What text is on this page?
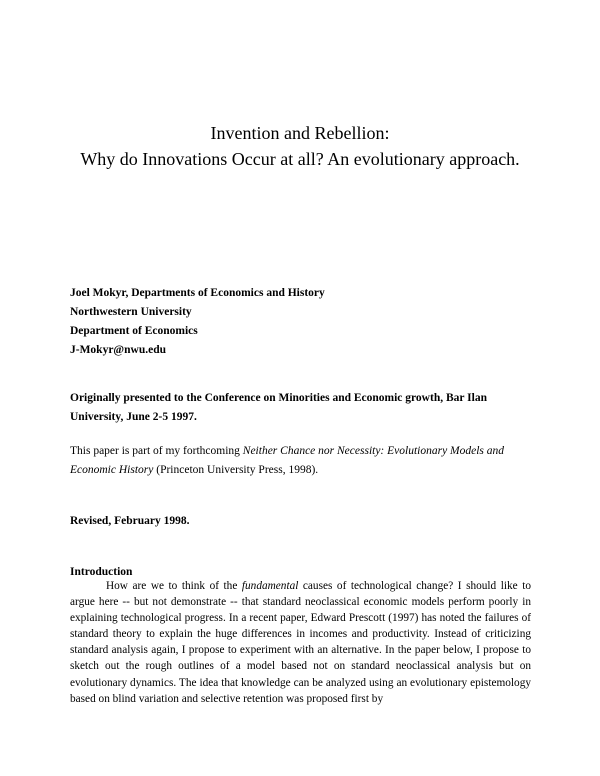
Invention and Rebellion:
Why do Innovations Occur at all? An evolutionary approach.
Joel Mokyr, Departments of Economics and History
Northwestern University
Department of Economics
J-Mokyr@nwu.edu
Originally presented to the Conference on Minorities and Economic growth, Bar Ilan University, June 2-5 1997.
This paper is part of my forthcoming Neither Chance nor Necessity: Evolutionary Models and Economic History (Princeton University Press, 1998).
Revised, February 1998.
Introduction
How are we to think of the fundamental causes of technological change? I should like to argue here -- but not demonstrate -- that standard neoclassical economic models perform poorly in explaining technological progress. In a recent paper, Edward Prescott (1997) has noted the failures of standard theory to explain the huge differences in incomes and productivity. Instead of criticizing standard analysis again, I propose to experiment with an alternative. In the paper below, I propose to sketch out the rough outlines of a model based not on standard neoclassical analysis but on evolutionary dynamics. The idea that knowledge can be analyzed using an evolutionary epistemology based on blind variation and selective retention was proposed first by
